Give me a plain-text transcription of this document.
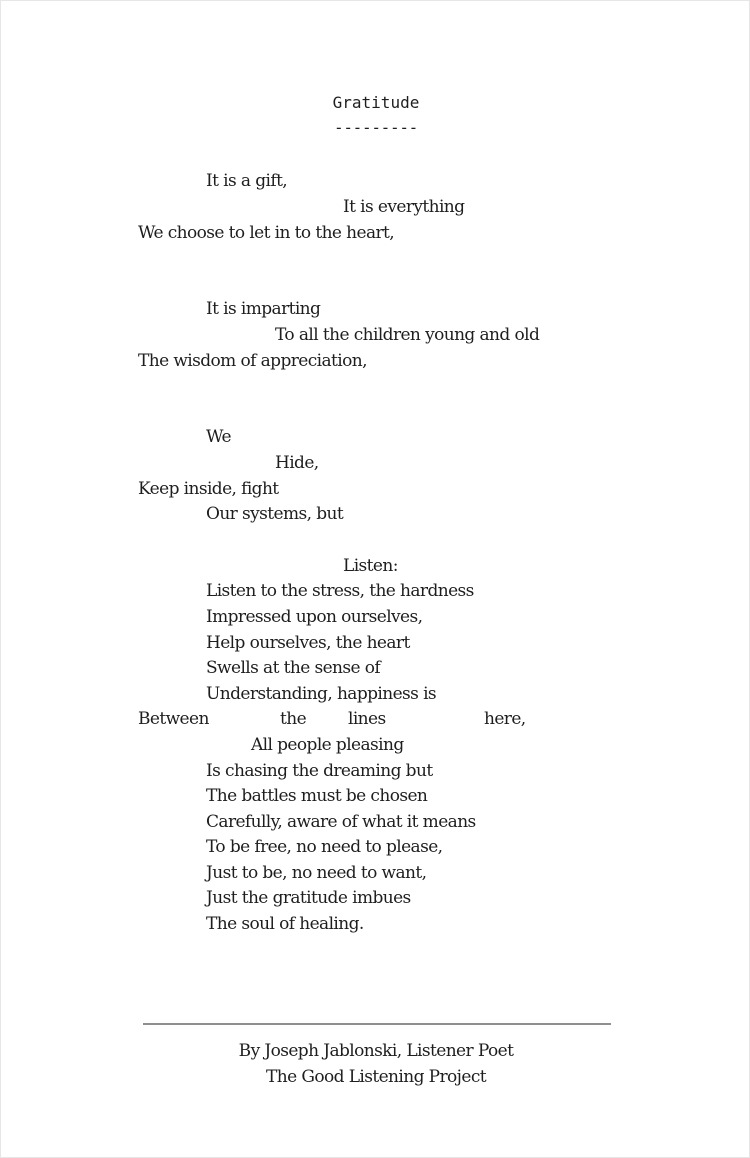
Gratitude
---------
It is a gift,
It is everything
We choose to let in to the heart,
It is imparting
To all the children young and old
The wisdom of appreciation,
We
Hide,
Keep inside, fight
Our systems, but
Listen:
Listen to the stress, the hardness
Impressed upon ourselves,
Help ourselves, the heart
Swells at the sense of
Understanding, happiness is
Between	the lines	here,
All people pleasing
Is chasing the dreaming but
The battles must be chosen
Carefully, aware of what it means
To be free, no need to please,
Just to be, no need to want,
Just the gratitude imbues
The soul of healing.
By Joseph Jablonski, Listener Poet
The Good Listening Project
